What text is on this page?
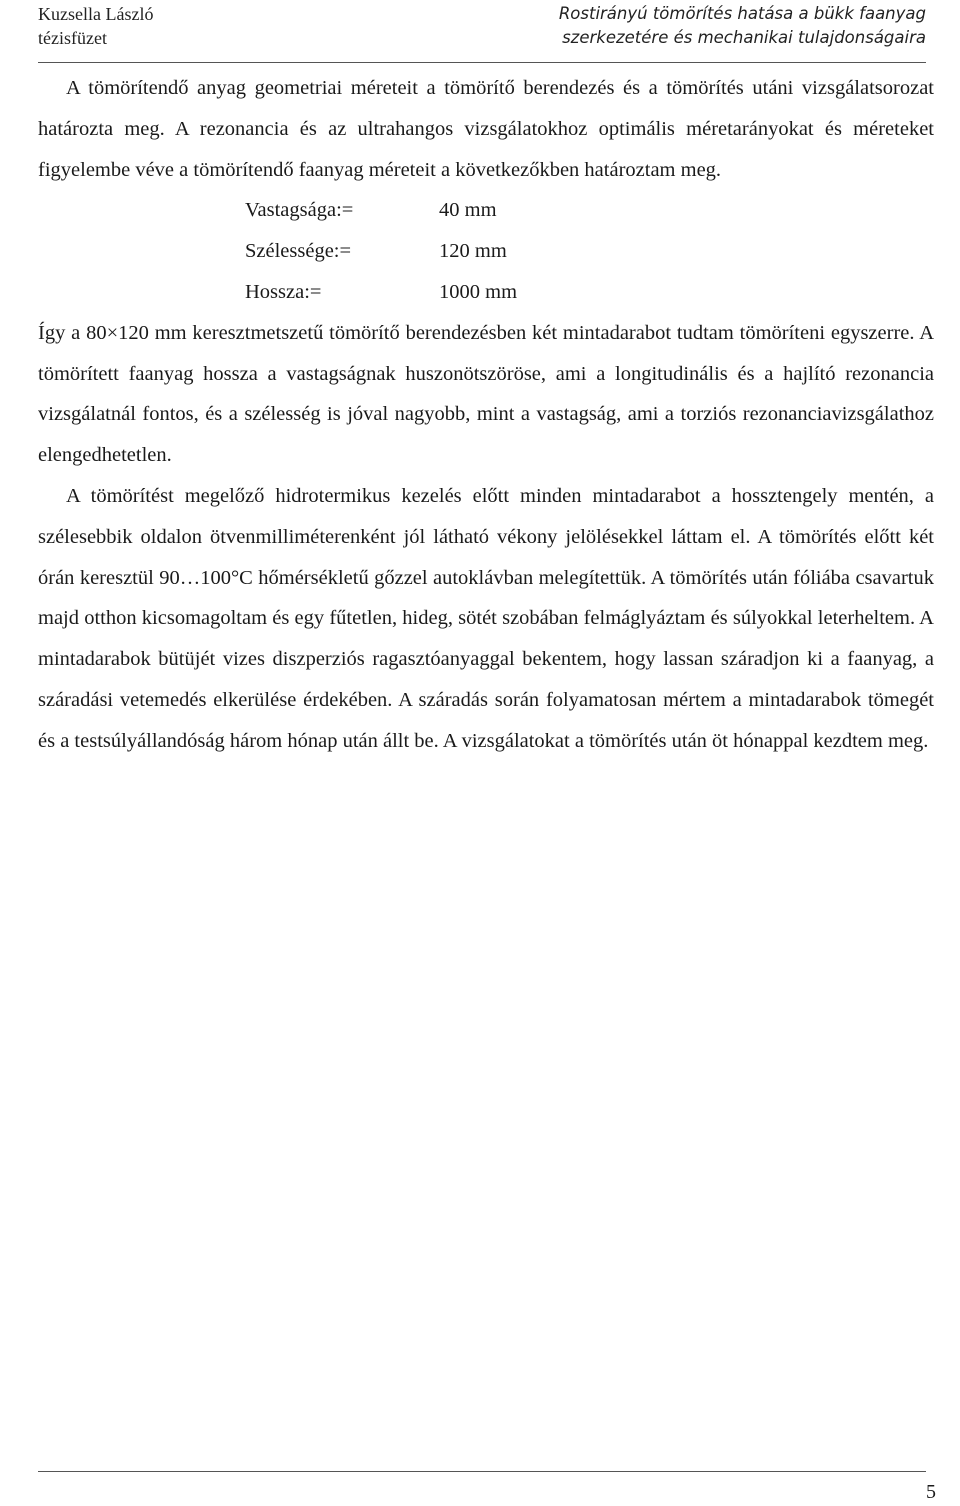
Kuzsella László
tézisfüzet
Rostirányú tömörítés hatása a bükk faanyag
szerkezetére és mechanikai tulajdonságaira

A tömörítendő anyag geometriai méreteit a tömörítő berendezés és a tömörítés utáni vizsgálatsorozat határozta meg. A rezonancia és az ultrahangos vizsgálatokhoz optimális méretarányokat és méreteket figyelembe véve a tömörítendő faanyag méreteit a következőkben határoztam meg.

Vastagsága:=	40 mm
Szélessége:=	120 mm
Hossza:=	1000 mm

Így a 80×120 mm keresztmetszetű tömörítő berendezésben két mintadarabot tudtam tömöríteni egyszerre. A tömörített faanyag hossza a vastagságnak huszonötszöröse, ami a longitudinális és a hajlító rezonancia vizsgálatnál fontos, és a szélesség is jóval nagyobb, mint a vastagság, ami a torziós rezonanciavizsgálathoz elengedhetetlen.

A tömörítést megelőző hidrotermikus kezelés előtt minden mintadarabot a hossztengely mentén, a szélesebbik oldalon ötvenmilliméterenként jól látható vékony jelölésekkel láttam el. A tömörítés előtt két órán keresztül 90…100°C hőmérsékletű gőzzel autoklávban melegítettük. A tömörítés után fóliába csavartuk majd otthon kicsomagoltam és egy fűtetlen, hideg, sötét szobában felmáglyáztam és súlyokkal leterheltem. A mintadarabok bütüjét vizes diszperziós ragasztóanyaggal bekentem, hogy lassan száradjon ki a faanyag, a száradási vetemedés elkerülése érdekében. A száradás során folyamatosan mértem a mintadarabok tömegét és a testsúlyállandóság három hónap után állt be. A vizsgálatokat a tömörítés után öt hónappal kezdtem meg.

5
